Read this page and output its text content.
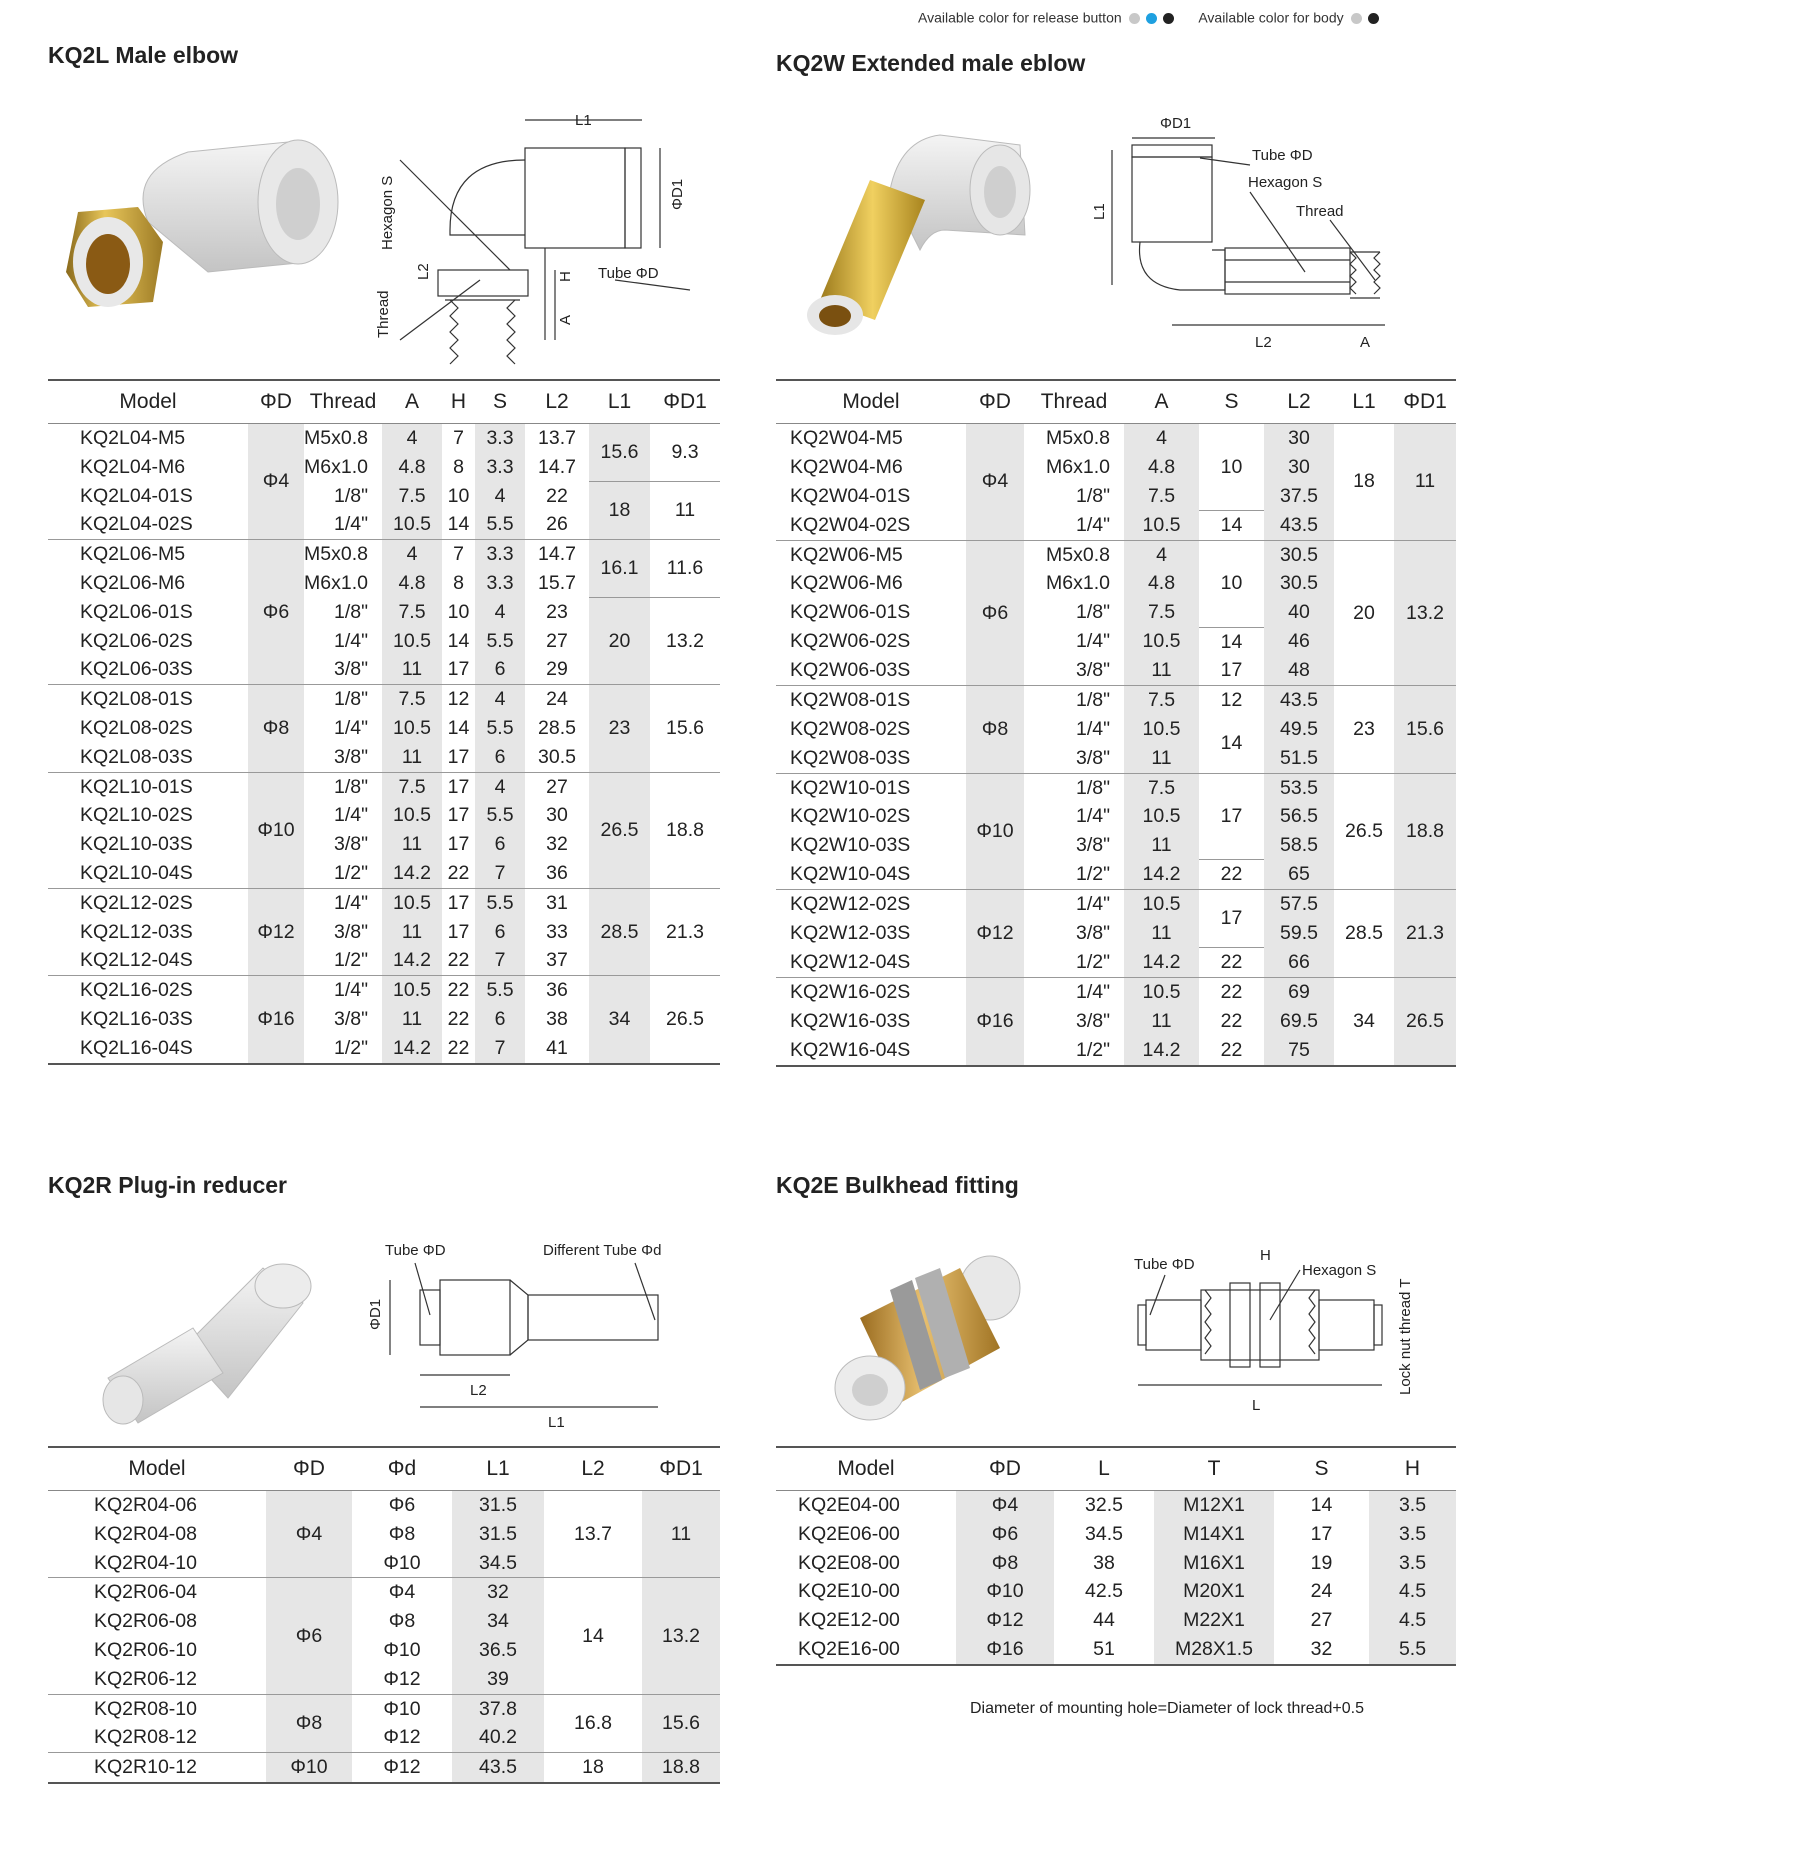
Available color for release button	Available color for body
KQ2L Male elbow
L1
Hexagon S
Thread
L2	H
A
ΦD1
Tube ΦD
Model	ΦD	Thread	A	H	S	L2	L1	ΦD1
KQ2L04-M5	Φ4	M5x0.8	4	7	3.3	13.7	15.6	9.3
KQ2L04-M6		M6x1.0	4.8	8	3.3	14.7		
KQ2L04-01S		1/8"	7.5	10	4	22	18	11
KQ2L04-02S		1/4"	10.5	14	5.5	26		
KQ2L06-M5	Φ6	M5x0.8	4	7	3.3	14.7	16.1	11.6
KQ2L06-M6		M6x1.0	4.8	8	3.3	15.7		
KQ2L06-01S		1/8"	7.5	10	4	23	20	13.2
KQ2L06-02S		1/4"	10.5	14	5.5	27		
KQ2L06-03S		3/8"	11	17	6	29		
KQ2L08-01S	Φ8	1/8"	7.5	12	4	24	23	15.6
KQ2L08-02S		1/4"	10.5	14	5.5	28.5		
KQ2L08-03S		3/8"	11	17	6	30.5		
KQ2L10-01S	Φ10	1/8"	7.5	17	4	27	26.5	18.8
KQ2L10-02S		1/4"	10.5	17	5.5	30		
KQ2L10-03S		3/8"	11	17	6	32		
KQ2L10-04S		1/2"	14.2	22	7	36		
KQ2L12-02S	Φ12	1/4"	10.5	17	5.5	31	28.5	21.3
KQ2L12-03S		3/8"	11	17	6	33		
KQ2L12-04S		1/2"	14.2	22	7	37		
KQ2L16-02S	Φ16	1/4"	10.5	22	5.5	36	34	26.5
KQ2L16-03S		3/8"	11	22	6	38		
KQ2L16-04S		1/2"	14.2	22	7	41		
KQ2W Extended male eblow
ΦD1
L1
Tube ΦD
Hexagon S
Thread
L2	A
Model	ΦD	Thread	A	S	L2	L1	ΦD1
KQ2W04-M5	Φ4	M5x0.8	4	10	30	18	11
KQ2W04-M6		M6x1.0	4.8		30		
KQ2W04-01S		1/8"	7.5		37.5		
KQ2W04-02S		1/4"	10.5	14	43.5		
KQ2W06-M5	Φ6	M5x0.8	4	10	30.5	20	13.2
KQ2W06-M6		M6x1.0	4.8		30.5		
KQ2W06-01S		1/8"	7.5		40		
KQ2W06-02S		1/4"	10.5	14	46		
KQ2W06-03S		3/8"	11	17	48		
KQ2W08-01S	Φ8	1/8"	7.5	12	43.5	23	15.6
KQ2W08-02S		1/4"	10.5	14	49.5		
KQ2W08-03S		3/8"	11		51.5		
KQ2W10-01S	Φ10	1/8"	7.5	17	53.5	26.5	18.8
KQ2W10-02S		1/4"	10.5		56.5		
KQ2W10-03S		3/8"	11		58.5		
KQ2W10-04S		1/2"	14.2	22	65		
KQ2W12-02S	Φ12	1/4"	10.5	17	57.5	28.5	21.3
KQ2W12-03S		3/8"	11		59.5		
KQ2W12-04S		1/2"	14.2	22	66		
KQ2W16-02S	Φ16	1/4"	10.5	22	69	34	26.5
KQ2W16-03S		3/8"	11	22	69.5		
KQ2W16-04S		1/2"	14.2	22	75		
KQ2R Plug-in reducer
Tube ΦD	Different Tube Φd
ΦD1
L2
L1
Model	ΦD	Φd	L1	L2	ΦD1
KQ2R04-06	Φ4	Φ6	31.5	13.7	11
KQ2R04-08		Φ8	31.5		
KQ2R04-10		Φ10	34.5		
KQ2R06-04	Φ6	Φ4	32	14	13.2
KQ2R06-08		Φ8	34		
KQ2R06-10		Φ10	36.5		
KQ2R06-12		Φ12	39		
KQ2R08-10	Φ8	Φ10	37.8	16.8	15.6
KQ2R08-12		Φ12	40.2		
KQ2R10-12	Φ10	Φ12	43.5	18	18.8
KQ2E Bulkhead fitting
Tube ΦD
H
Hexagon S
Lock nut thread T
L
Model	ΦD	L	T	S	H
KQ2E04-00	Φ4	32.5	M12X1	14	3.5
KQ2E06-00	Φ6	34.5	M14X1	17	3.5
KQ2E08-00	Φ8	38	M16X1	19	3.5
KQ2E10-00	Φ10	42.5	M20X1	24	4.5
KQ2E12-00	Φ12	44	M22X1	27	4.5
KQ2E16-00	Φ16	51	M28X1.5	32	5.5
Diameter of mounting hole=Diameter of lock thread+0.5
